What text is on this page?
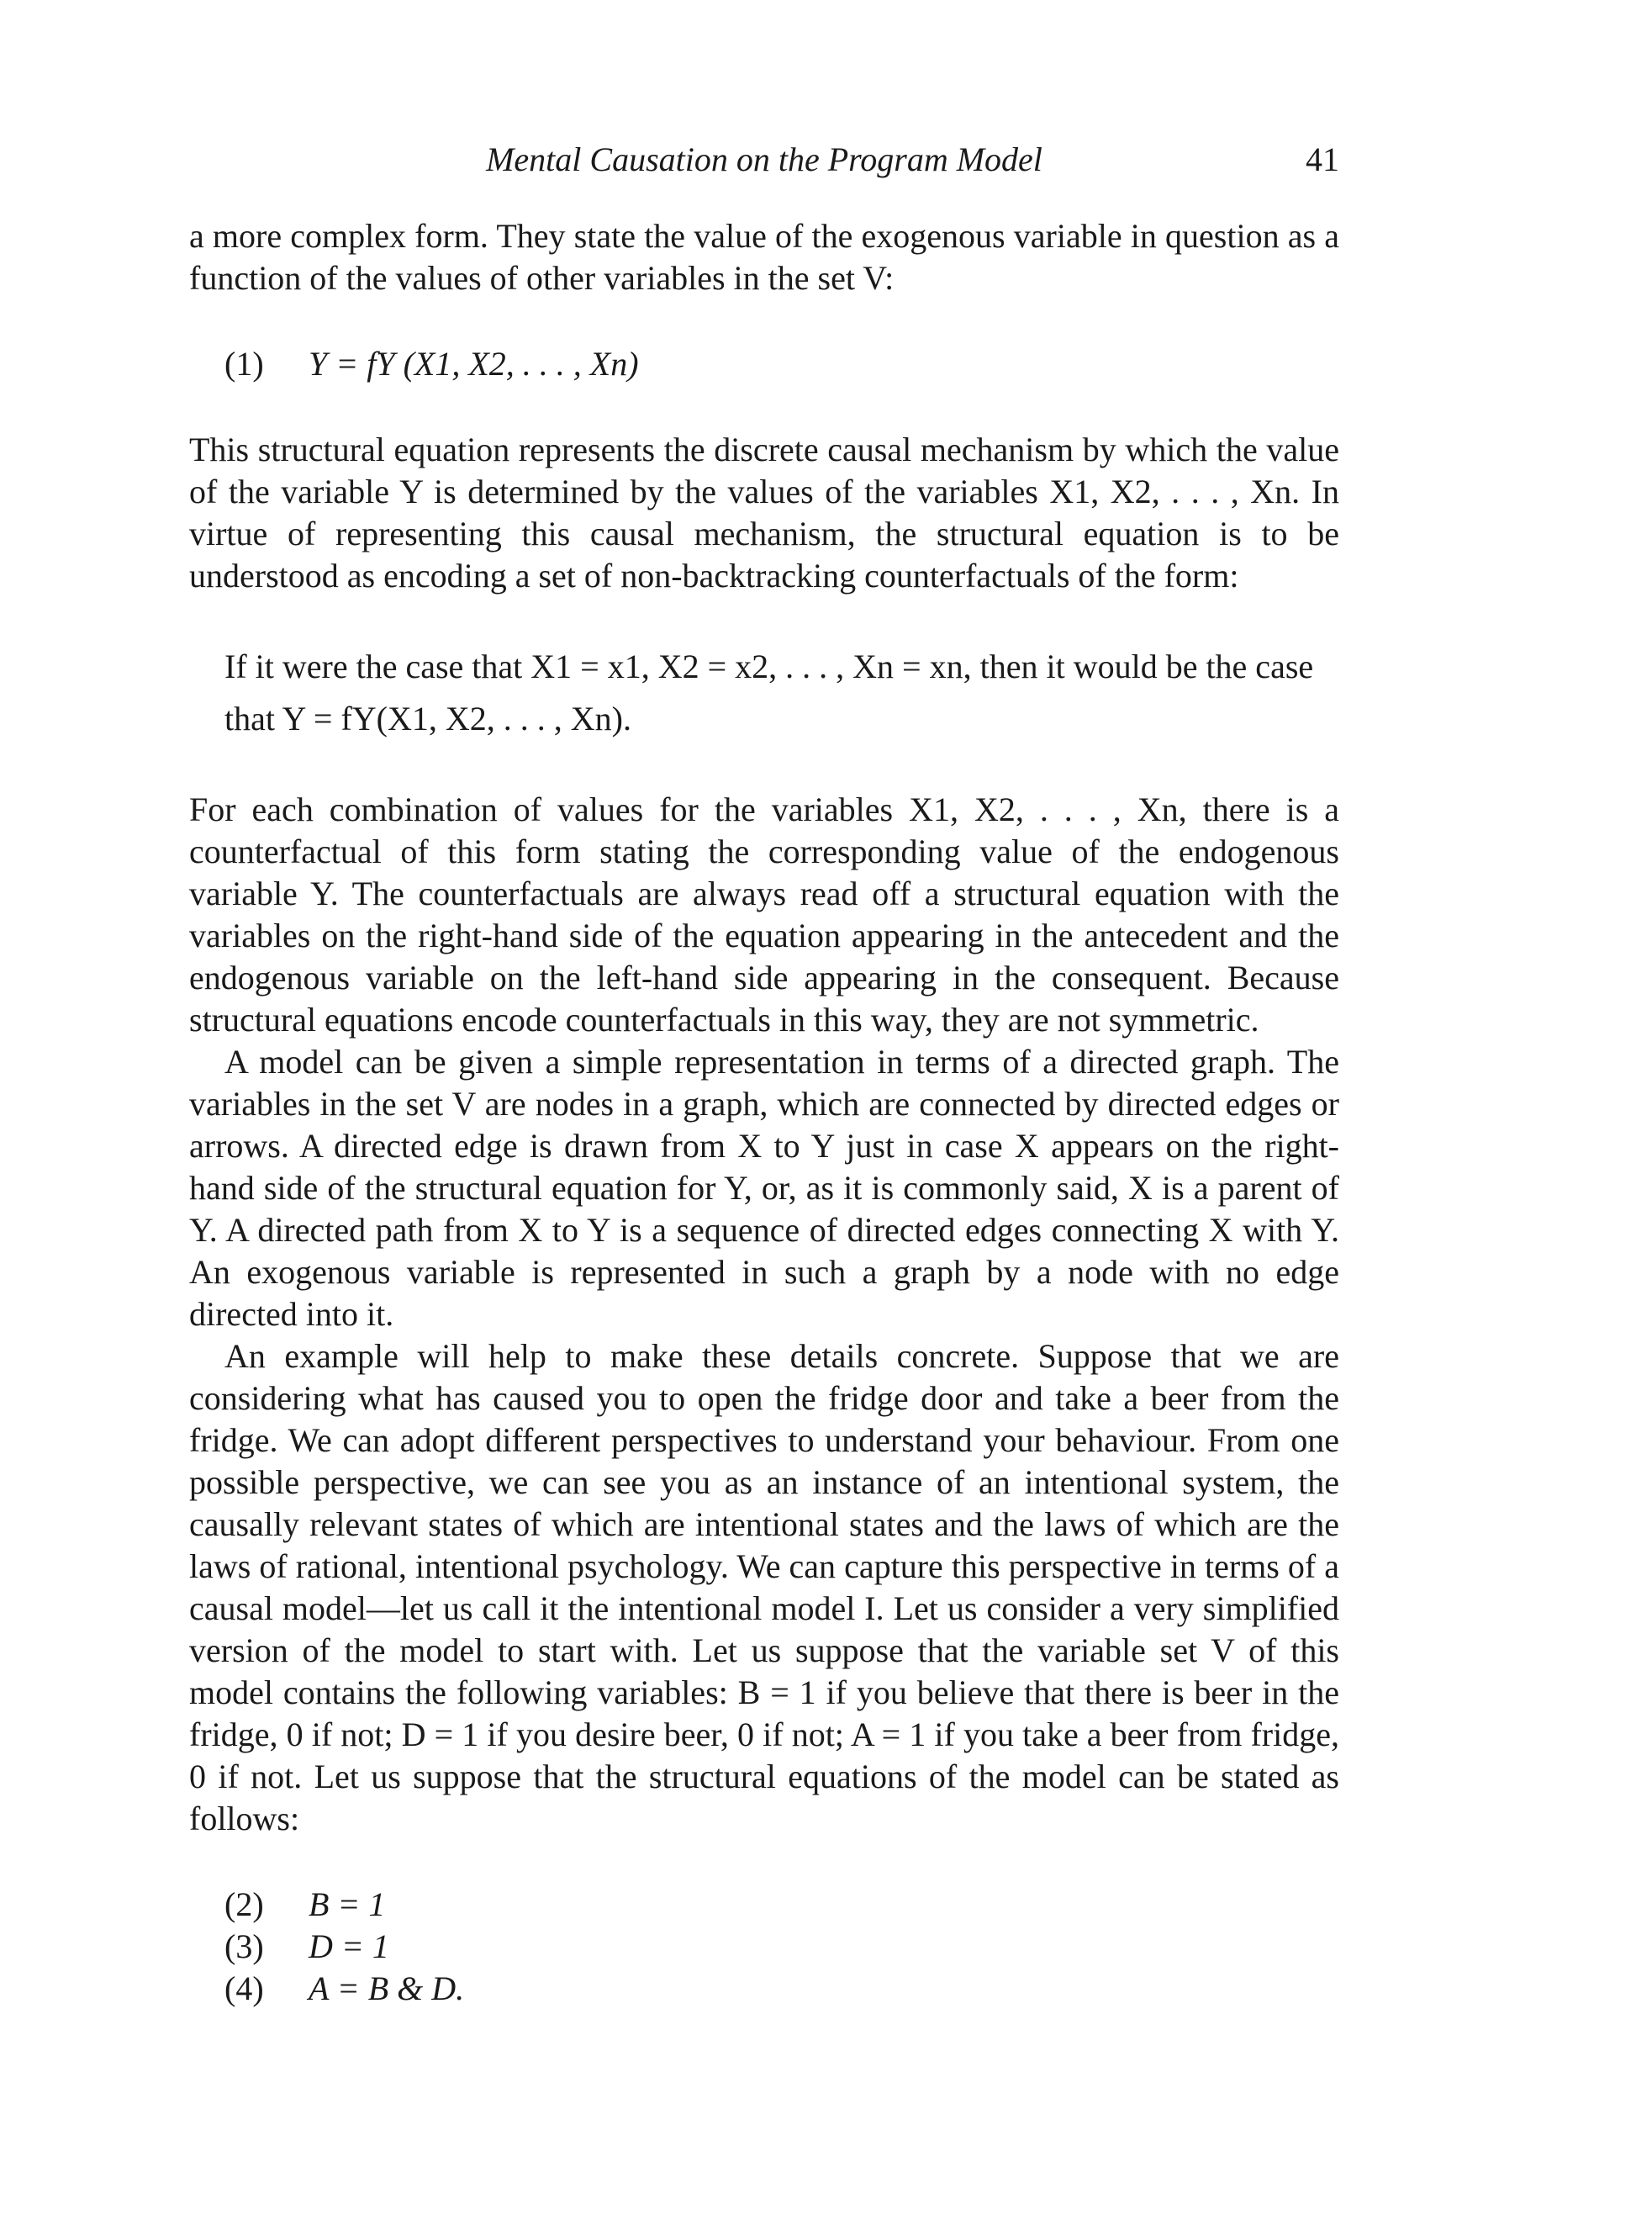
Mental Causation on the Program Model	41

a more complex form. They state the value of the exogenous variable in question as a function of the values of other variables in the set V:

(1) Y = fY (X1, X2, . . . , Xn)

This structural equation represents the discrete causal mechanism by which the value of the variable Y is determined by the values of the variables X1, X2, . . . , Xn. In virtue of representing this causal mechanism, the structural equation is to be understood as encoding a set of non-backtracking counterfactuals of the form:

If it were the case that X1 = x1, X2 = x2, . . . , Xn = xn, then it would be the case that Y = fY(X1, X2, . . . , Xn).

For each combination of values for the variables X1, X2, . . . , Xn, there is a counterfactual of this form stating the corresponding value of the endogenous variable Y. The counterfactuals are always read off a structural equation with the variables on the right-hand side of the equation appearing in the antecedent and the endogenous variable on the left-hand side appearing in the consequent. Because structural equations encode counterfactuals in this way, they are not symmetric.

A model can be given a simple representation in terms of a directed graph. The variables in the set V are nodes in a graph, which are connected by directed edges or arrows. A directed edge is drawn from X to Y just in case X appears on the right-hand side of the structural equation for Y, or, as it is commonly said, X is a parent of Y. A directed path from X to Y is a sequence of directed edges connecting X with Y. An exogenous variable is represented in such a graph by a node with no edge directed into it.

An example will help to make these details concrete. Suppose that we are considering what has caused you to open the fridge door and take a beer from the fridge. We can adopt different perspectives to understand your behaviour. From one possible perspective, we can see you as an instance of an intentional system, the causally relevant states of which are intentional states and the laws of which are the laws of rational, intentional psychology. We can capture this perspective in terms of a causal model—let us call it the intentional model I. Let us consider a very simplified version of the model to start with. Let us suppose that the variable set V of this model contains the following variables: B = 1 if you believe that there is beer in the fridge, 0 if not; D = 1 if you desire beer, 0 if not; A = 1 if you take a beer from fridge, 0 if not. Let us suppose that the structural equations of the model can be stated as follows:

(2) B = 1

(3) D = 1

(4) A = B & D.
